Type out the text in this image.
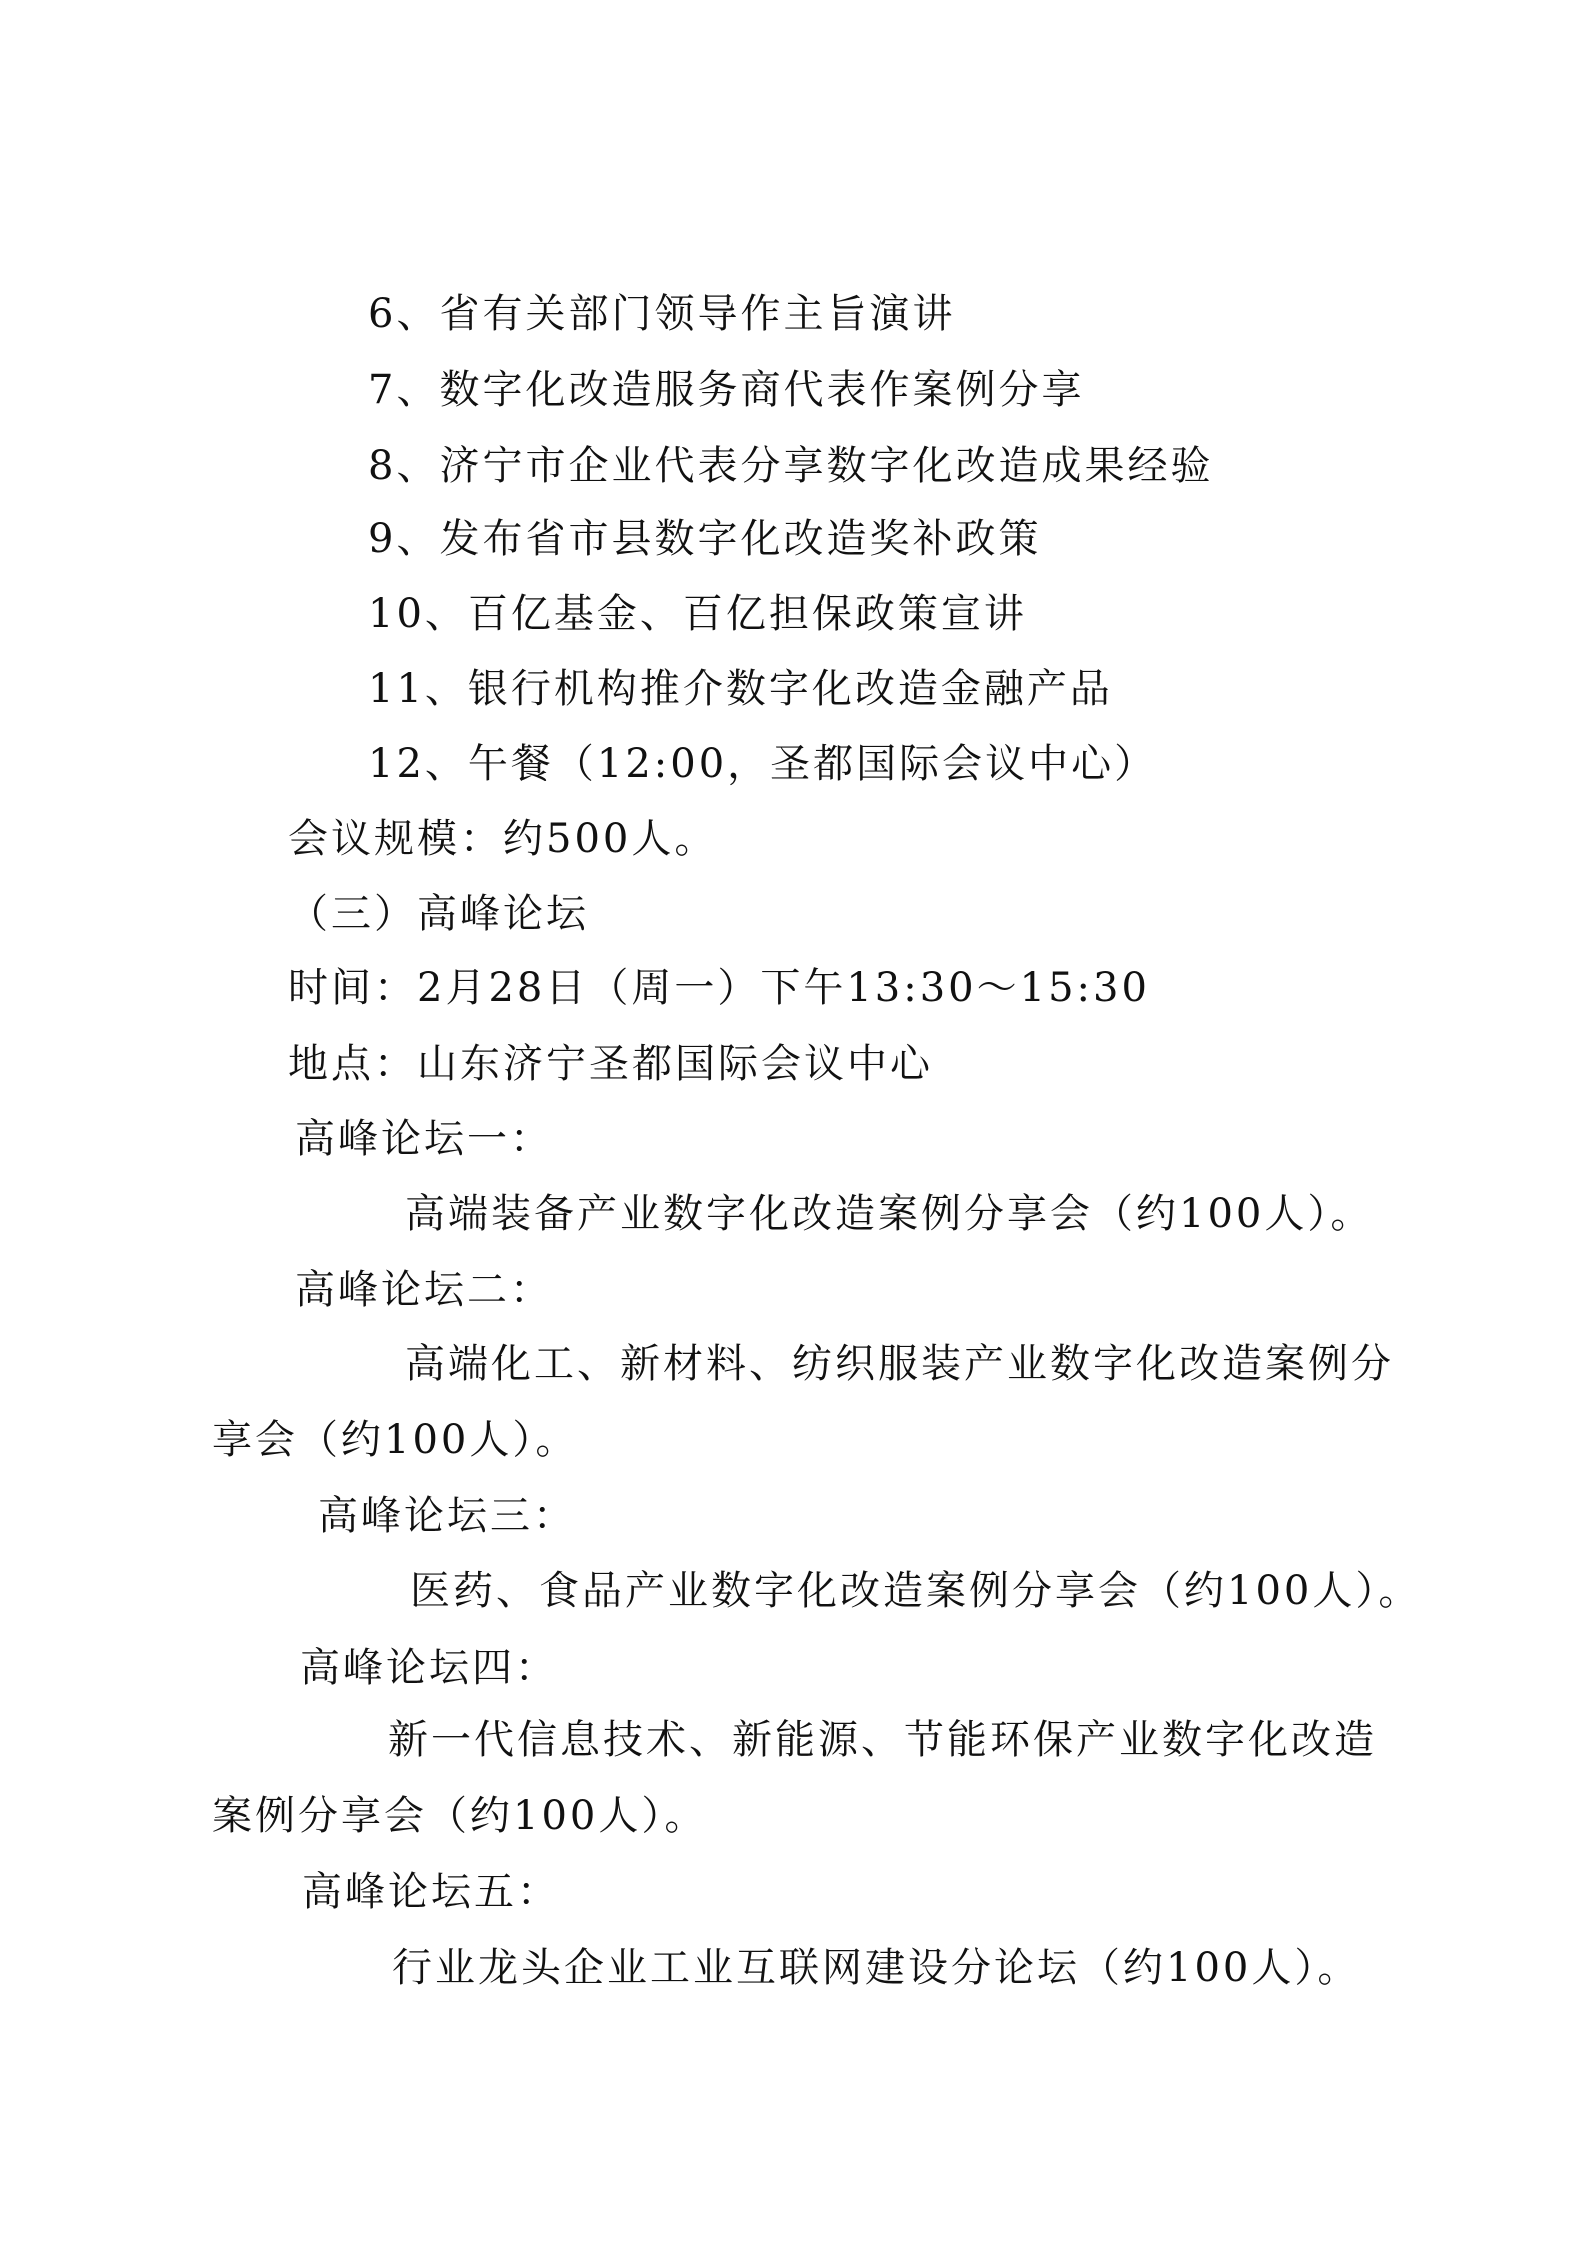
6、省有关部门领导作主旨演讲
7、数字化改造服务商代表作案例分享
8、济宁市企业代表分享数字化改造成果经验
9、发布省市县数字化改造奖补政策
10、百亿基金、百亿担保政策宣讲
11、银行机构推介数字化改造金融产品
12、午餐（12:00，圣都国际会议中心）
会议规模：约500人。
（三）高峰论坛
时间：2月28日（周一）下午13:30～15:30
地点：山东济宁圣都国际会议中心
高峰论坛一：
高端装备产业数字化改造案例分享会（约100人）。
高峰论坛二：
高端化工、新材料、纺织服装产业数字化改造案例分
享会（约100人）。
高峰论坛三：
医药、食品产业数字化改造案例分享会（约100人）。
高峰论坛四：
新一代信息技术、新能源、节能环保产业数字化改造
案例分享会（约100人）。
高峰论坛五：
行业龙头企业工业互联网建设分论坛（约100人）。
